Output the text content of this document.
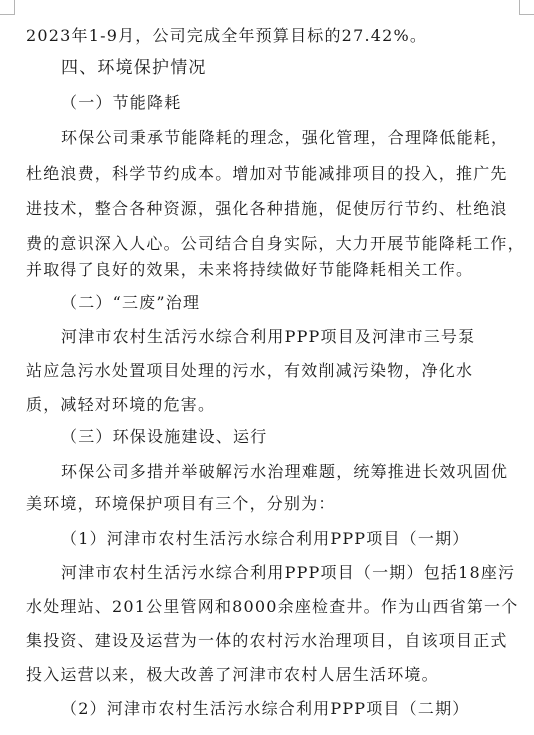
2023年1-9月，公司完成全年预算目标的27.42%。
四、环境保护情况
（一）节能降耗
环保公司秉承节能降耗的理念，强化管理，合理降低能耗，
杜绝浪费，科学节约成本。增加对节能减排项目的投入，推广先
进技术，整合各种资源，强化各种措施，促使厉行节约、杜绝浪
费的意识深入人心。公司结合自身实际，大力开展节能降耗工作，
并取得了良好的效果，未来将持续做好节能降耗相关工作。
（二）“三废”治理
河津市农村生活污水综合利用PPP项目及河津市三号泵
站应急污水处置项目处理的污水，有效削减污染物，净化水
质，减轻对环境的危害。
（三）环保设施建设、运行
环保公司多措并举破解污水治理难题，统筹推进长效巩固优
美环境，环境保护项目有三个，分别为：
（1）河津市农村生活污水综合利用PPP项目（一期）
河津市农村生活污水综合利用PPP项目（一期）包括18座污
水处理站、201公里管网和8000余座检查井。作为山西省第一个
集投资、建设及运营为一体的农村污水治理项目，自该项目正式
投入运营以来，极大改善了河津市农村人居生活环境。
（2）河津市农村生活污水综合利用PPP项目（二期）
